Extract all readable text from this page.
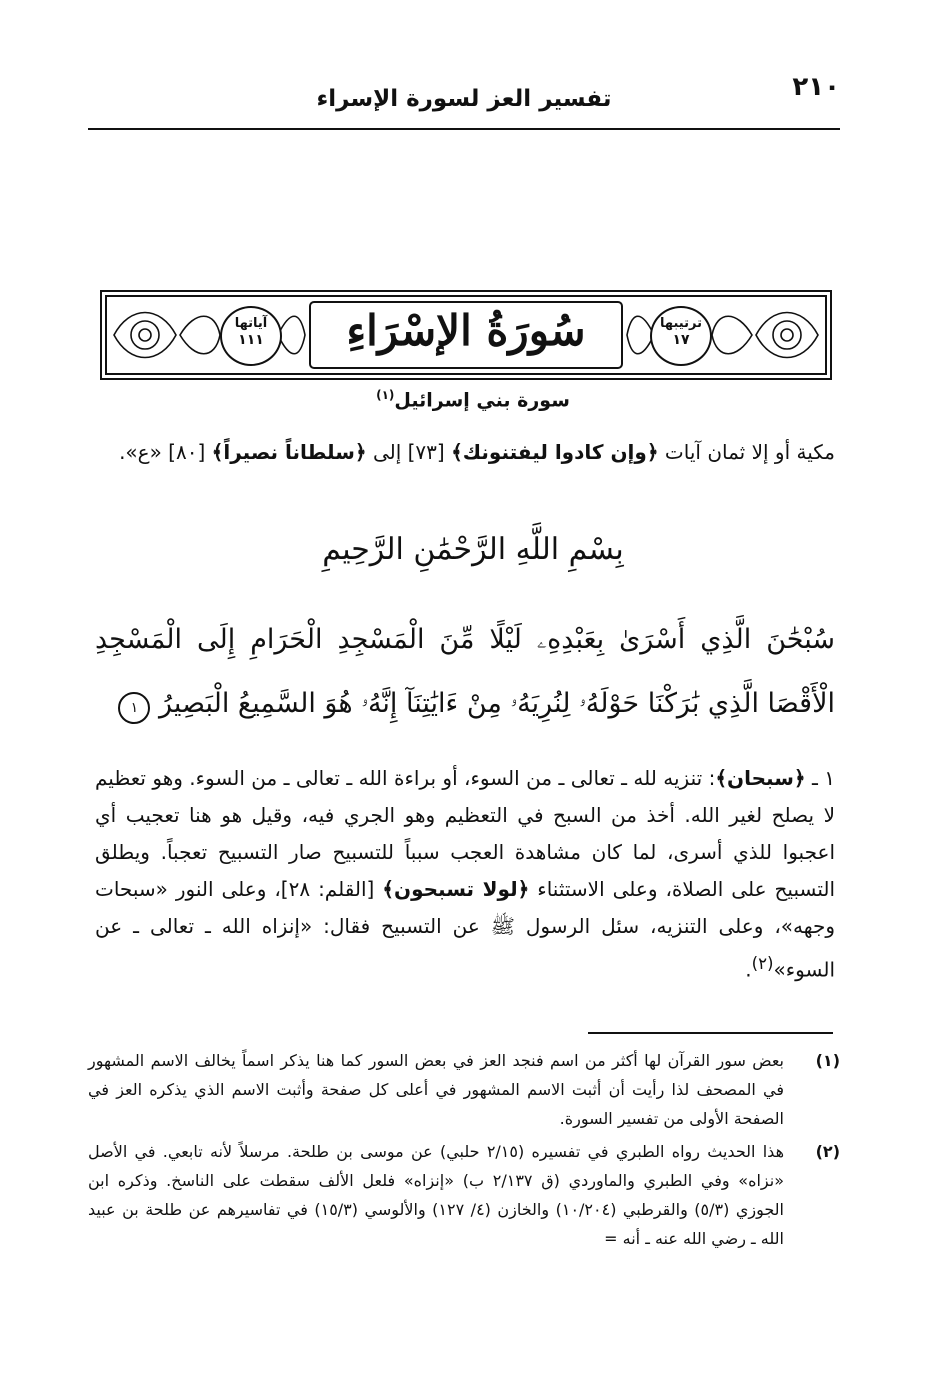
٢١٠
تفسير العز لسورة الإسراء
آياتها
١١١	سُورَةُ الإسْرَاءِ	ترتيبها
١٧
سورة بني إسرائيل$^{(١)}$
مكية أو إلا ثمان آيات ﴿وإن كادوا ليفتنونك﴾ [٧٣] إلى ﴿سلطاناً نصيراً﴾ [٨٠] «ع».
بِسْمِ اللَّهِ الرَّحْمَٰنِ الرَّحِيمِ
سُبْحَٰنَ الَّذِي أَسْرَىٰ بِعَبْدِهِۦ لَيْلًا مِّنَ الْمَسْجِدِ الْحَرَامِ إِلَى الْمَسْجِدِ الْأَقْصَا الَّذِي بَٰرَكْنَا حَوْلَهُۥ لِنُرِيَهُۥ مِنْ ءَايَٰتِنَآ إِنَّهُۥ هُوَ السَّمِيعُ الْبَصِيرُ ١
١ ـ ﴿سبحان﴾: تنزيه لله ـ تعالى ـ من السوء، أو براءة الله ـ تعالى ـ من السوء. وهو تعظيم لا يصلح لغير الله. أخذ من السبح في التعظيم وهو الجري فيه، وقيل هو هنا تعجيب أي اعجبوا للذي أسرى، لما كان مشاهدة العجب سبباً للتسبيح صار التسبيح تعجباً. ويطلق التسبيح على الصلاة، وعلى الاستثناء ﴿لولا تسبحون﴾ [القلم: ٢٨]، وعلى النور «سبحات وجهه»، وعلى التنزيه، سئل الرسول ﷺ عن التسبيح فقال: «إنزاه الله ـ تعالى ـ عن السوء»$^{(٢)}$.
(١)
بعض سور القرآن لها أكثر من اسم فنجد العز في بعض السور كما هنا يذكر اسماً يخالف الاسم المشهور في المصحف لذا رأيت أن أثبت الاسم المشهور في أعلى كل صفحة وأثبت الاسم الذي يذكره العز في الصفحة الأولى من تفسير السورة.
(٢)
هذا الحديث رواه الطبري في تفسيره (٢/١٥ حلبي) عن موسى بن طلحة. مرسلاً لأنه تابعي. في الأصل «نزاه» وفي الطبري والماوردي (ق ٢/١٣٧ ب) «إنزاه» فلعل الألف سقطت على الناسخ. وذكره ابن الجوزي (٥/٣) والقرطبي (١٠/٢٠٤) والخازن (٤/ ١٢٧) والألوسي (١٥/٣) في تفاسيرهم عن طلحة بن عبيد الله ـ رضي الله عنه ـ أنه =
